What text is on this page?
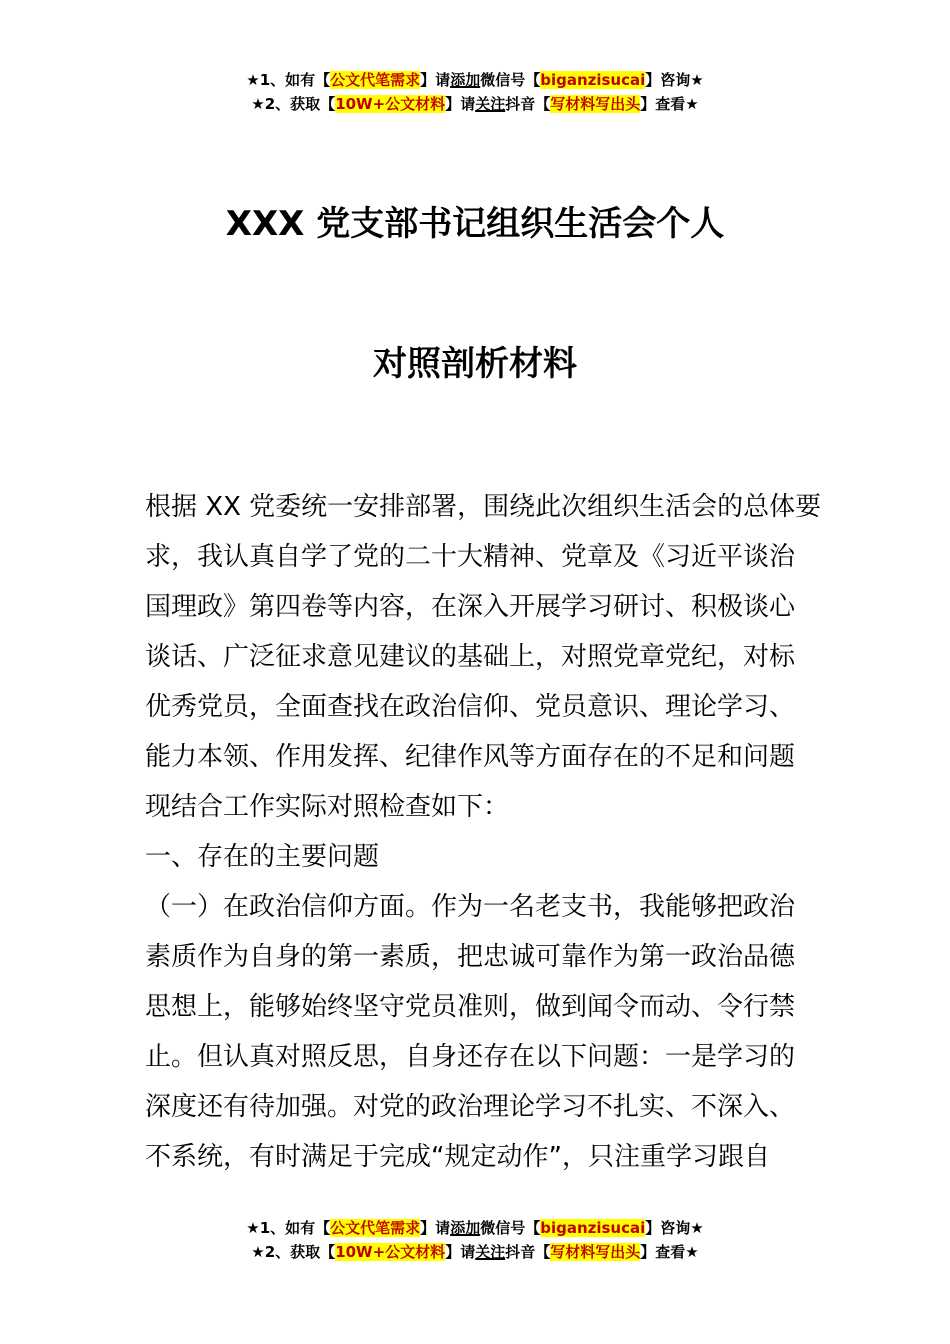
★1、如有【公文代笔需求】请添加微信号【biganzisucai】咨询★
★2、获取【10W+公文材料】请关注抖音【写材料写出头】查看★
XXX 党支部书记组织生活会个人
对照剖析材料
根据 XX 党委统一安排部署，围绕此次组织生活会的总体要
求，我认真自学了党的二十大精神、党章及《习近平谈治
国理政》第四卷等内容，在深入开展学习研讨、积极谈心
谈话、广泛征求意见建议的基础上，对照党章党纪，对标
优秀党员，全面查找在政治信仰、党员意识、理论学习、
能力本领、作用发挥、纪律作风等方面存在的不足和问题
现结合工作实际对照检查如下：
一、存在的主要问题
（一）在政治信仰方面。作为一名老支书，我能够把政治
素质作为自身的第一素质，把忠诚可靠作为第一政治品德
思想上，能够始终坚守党员准则，做到闻令而动、令行禁
止。但认真对照反思，自身还存在以下问题：一是学习的
深度还有待加强。对党的政治理论学习不扎实、不深入、
不系统，有时满足于完成“规定动作”，只注重学习跟自
★1、如有【公文代笔需求】请添加微信号【biganzisucai】咨询★
★2、获取【10W+公文材料】请关注抖音【写材料写出头】查看★
